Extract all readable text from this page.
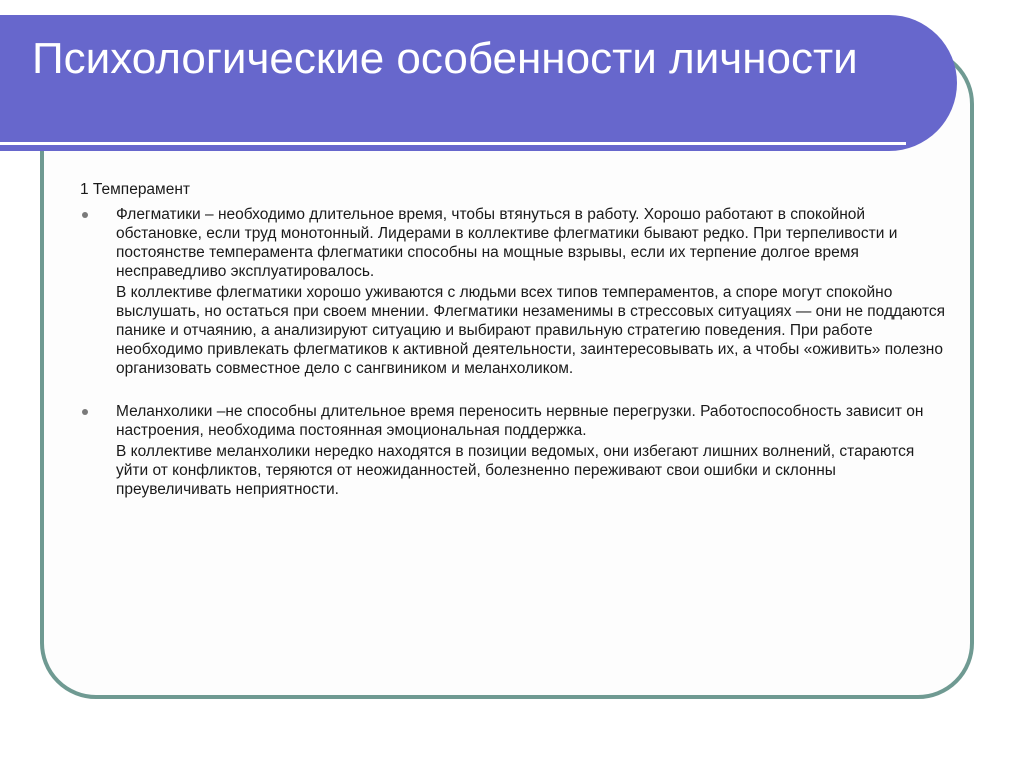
Психологические особенности личности

1 Темперамент

Флегматики – необходимо длительное время, чтобы втянуться в работу. Хорошо работают в спокойной обстановке, если труд монотонный. Лидерами в коллективе флегматики бывают редко. При терпеливости и постоянстве темперамента флегматики способны на мощные взрывы, если их терпение долгое время несправедливо эксплуатировалось.

В коллективе флегматики хорошо уживаются с людьми всех типов темпераментов, а споре могут спокойно выслушать, но остаться при своем мнении. Флегматики незаменимы в стрессовых ситуациях — они не поддаются панике и отчаянию, а анализируют ситуацию и выбирают правильную стратегию поведения. При работе необходимо привлекать флегматиков к активной деятельности, заинтересовывать их, а чтобы «оживить» полезно организовать совместное дело с сангвиником и меланхоликом.

Меланхолики –не способны длительное время переносить нервные перегрузки. Работоспособность зависит он настроения, необходима постоянная эмоциональная поддержка.

В коллективе меланхолики нередко находятся в позиции ведомых, они избегают лишних волнений, стараются уйти от конфликтов, теряются от неожиданностей, болезненно переживают свои ошибки и склонны преувеличивать неприятности.
